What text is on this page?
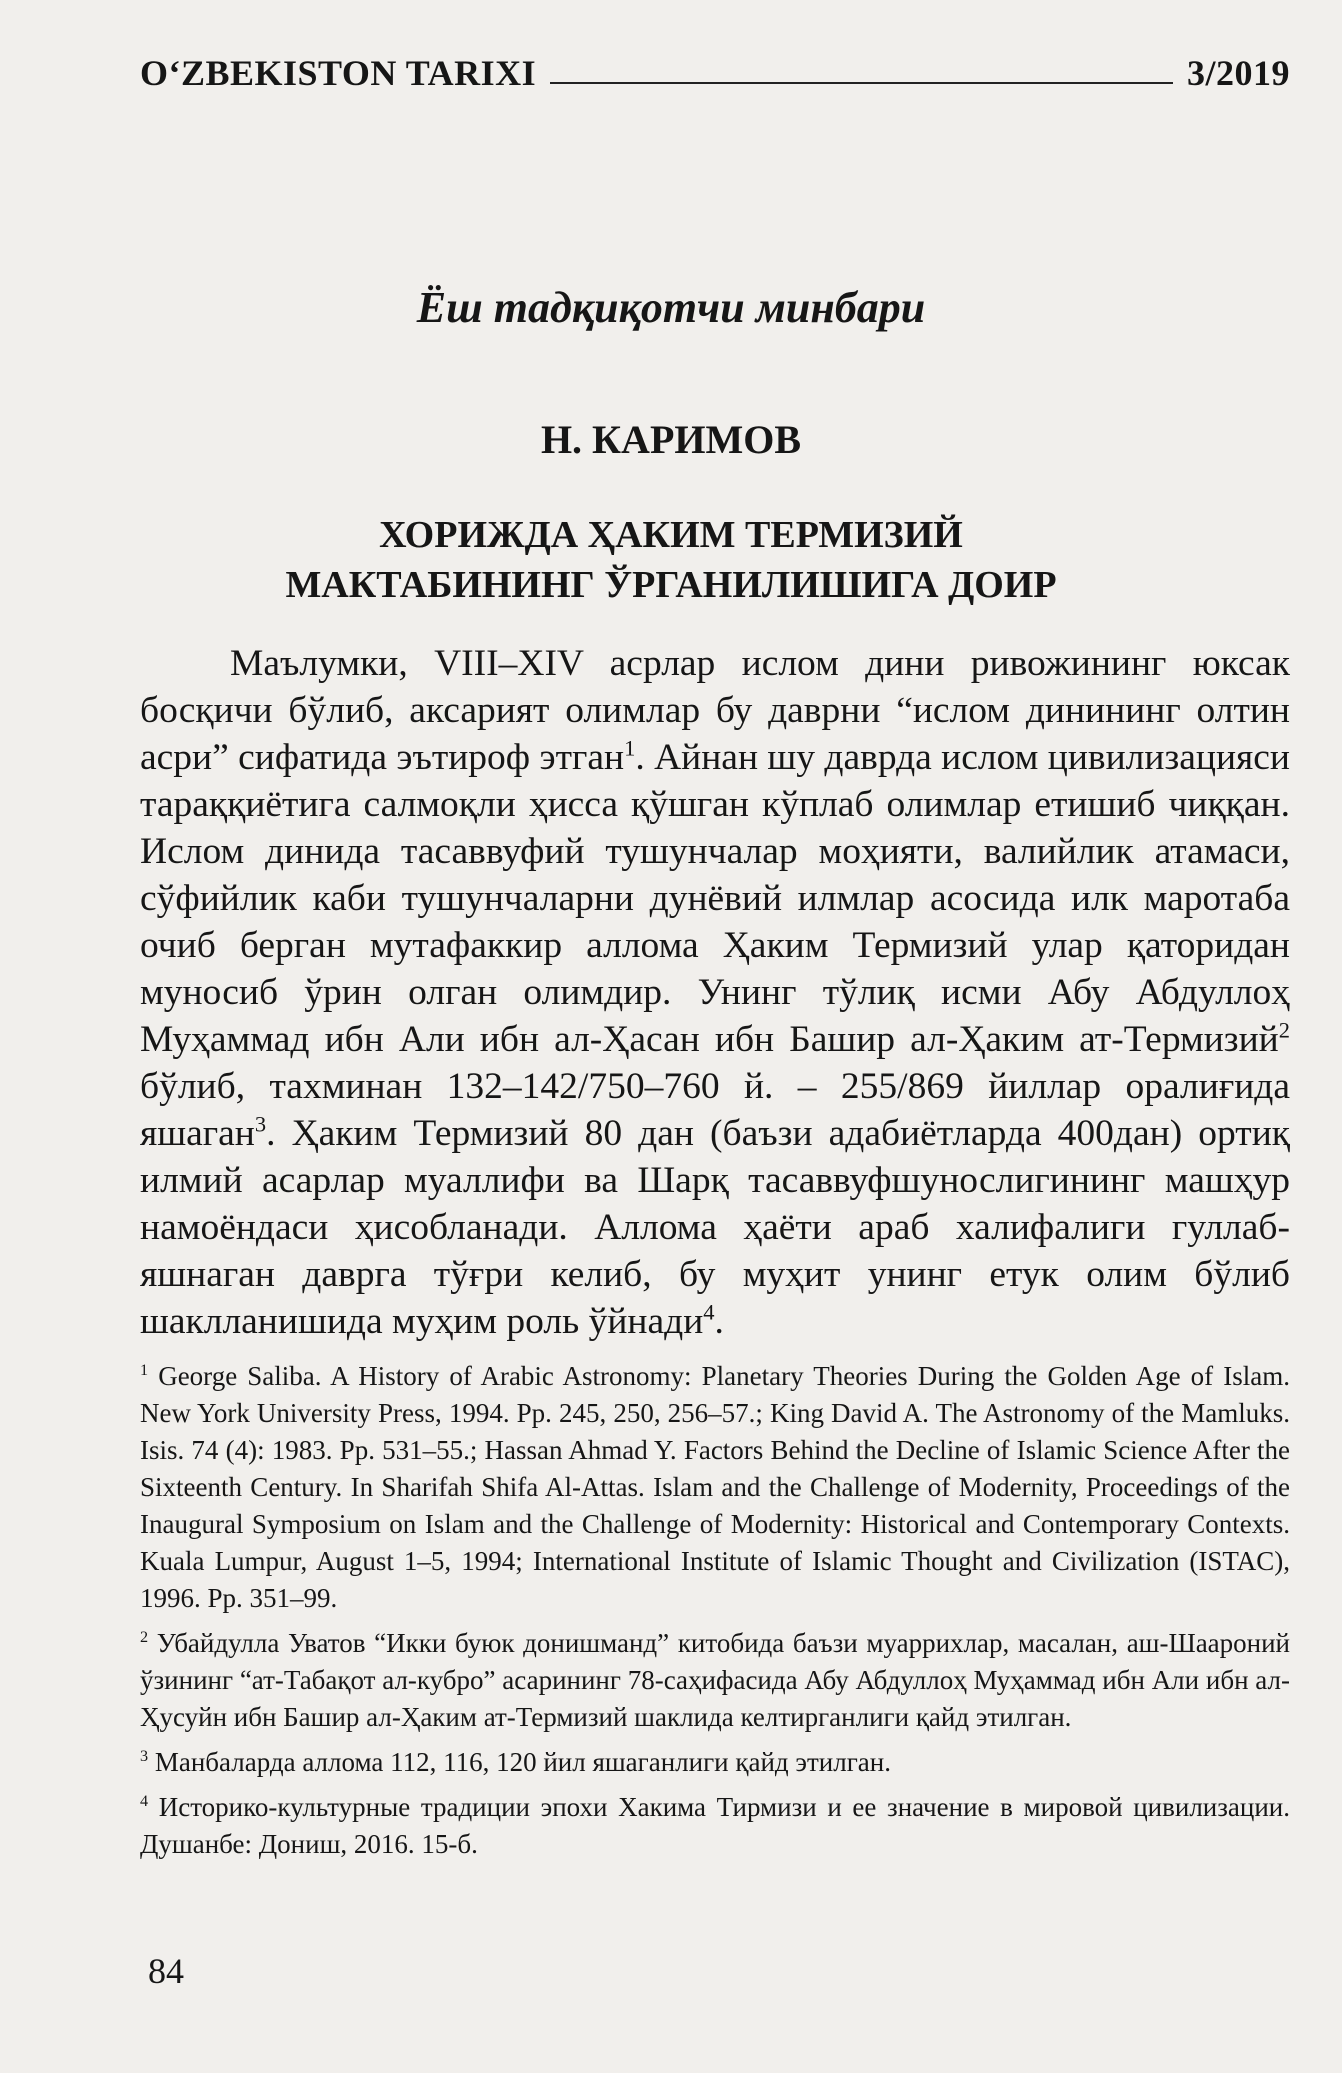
O‘ZBEKISTON TARIXI	3/2019
Ёш тадқиқотчи минбари
Н. КАРИМОВ
ХОРИЖДА ҲАКИМ ТЕРМИЗИЙ
МАКТАБИНИНГ ЎРГАНИЛИШИГА ДОИР

Маълумки, VIII–XIV асрлар ислом дини ривожининг юксак босқичи бўлиб, аксарият олимлар бу даврни “ислом динининг олтин асри” сифатида эътироф этган$^1$. Айнан шу даврда ислом цивилизацияси тараққиётига салмоқли ҳисса қўшган кўплаб олимлар етишиб чиққан. Ислом динида тасаввуфий тушунчалар моҳияти, валийлик атамаси, сўфийлик каби тушунчаларни дунёвий илмлар асосида илк маротаба очиб берган мутафаккир аллома Ҳаким Термизий улар қаторидан муносиб ўрин олган олимдир. Унинг тўлиқ исми Абу Абдуллоҳ Муҳаммад ибн Али ибн ал-Ҳасан ибн Башир ал-Ҳаким ат-Термизий$^2$ бўлиб, тахминан 132–142/750–760 й. – 255/869 йиллар оралиғида яшаган$^3$. Ҳаким Термизий 80 дан (баъзи адабиётларда 400дан) ортиқ илмий асарлар муаллифи ва Шарқ тасаввуфшунослигининг машҳур намоёндаси ҳисобланади. Аллома ҳаёти араб халифалиги гуллаб-яшнаган даврга тўғри келиб, бу муҳит унинг етук олим бўлиб шаклланишида муҳим роль ўйнади$^4$.

$^1$ George Saliba. A History of Arabic Astronomy: Planetary Theories During the Golden Age of Islam. New York University Press, 1994. Pp. 245, 250, 256–57.; King David A. The Astronomy of the Mamluks. Isis. 74 (4): 1983. Pp. 531–55.; Hassan Ahmad Y. Factors Behind the Decline of Islamic Science After the Sixteenth Century. In Sharifah Shifa Al-Attas. Islam and the Challenge of Modernity, Proceedings of the Inaugural Symposium on Islam and the Challenge of Modernity: Historical and Contemporary Contexts. Kuala Lumpur, August 1–5, 1994; International Institute of Islamic Thought and Civilization (ISTAC), 1996. Pp. 351–99.
$^2$ Убайдулла Уватов “Икки буюк донишманд” китобида баъзи муаррихлар, масалан, аш-Шаароний ўзининг “ат-Табақот ал-кубро” асарининг 78-саҳифасида Абу Абдуллоҳ Муҳаммад ибн Али ибн ал-Ҳусуйн ибн Башир ал-Ҳаким ат-Термизий шаклида келтирганлиги қайд этилган.
$^3$ Манбаларда аллома 112, 116, 120 йил яшаганлиги қайд этилган.
$^4$ Историко-культурные традиции эпохи Хакима Тирмизи и ее значение в мировой цивилизации. Душанбе: Дониш, 2016. 15-б.
84
